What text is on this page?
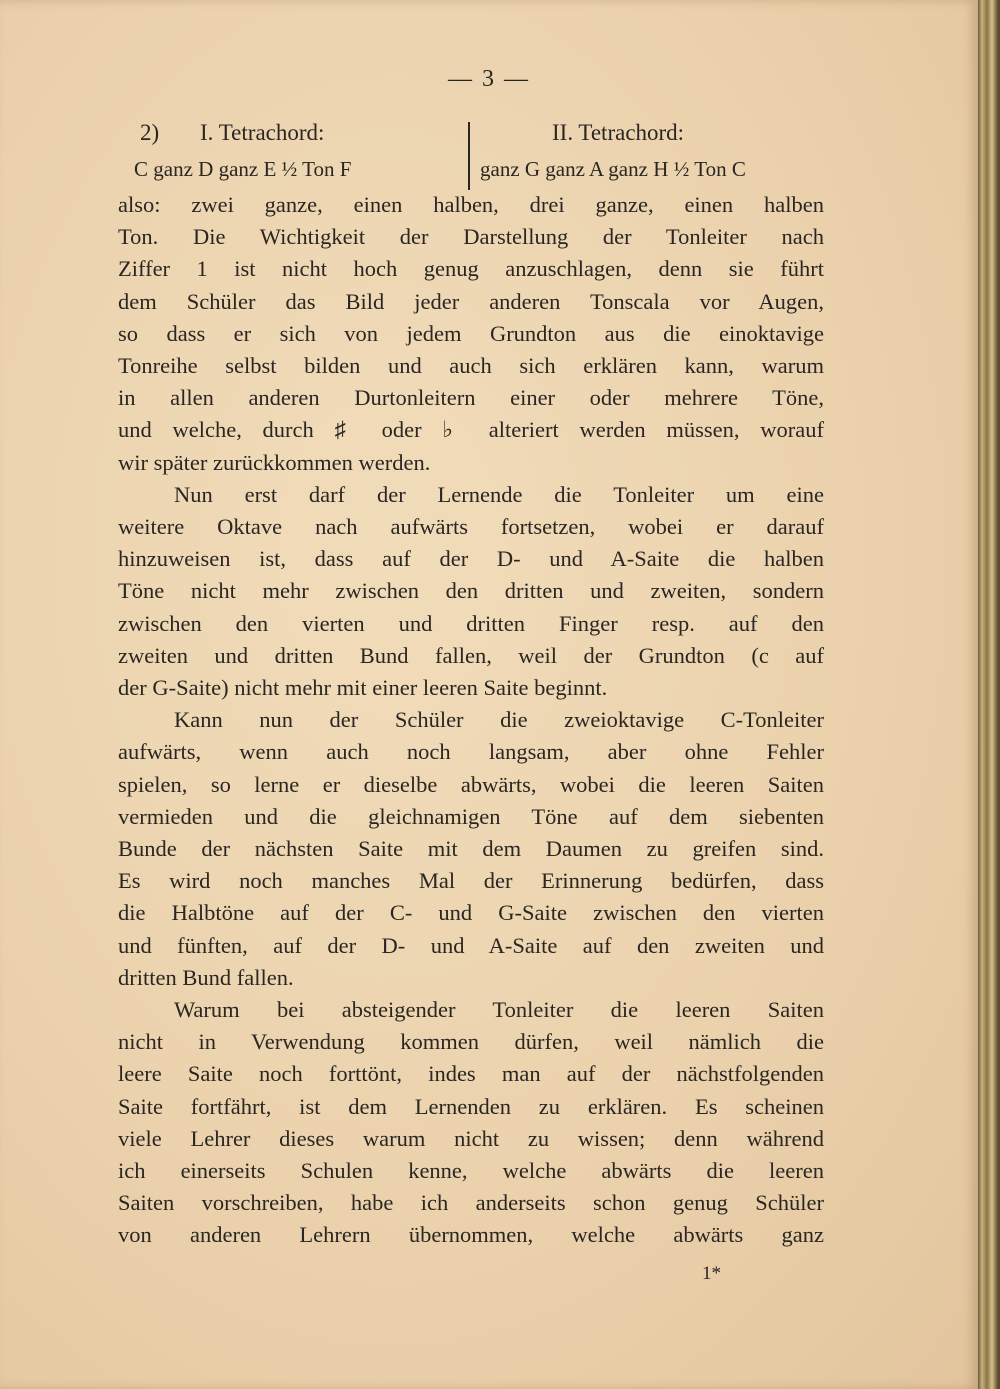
— 3 —
2) I. Tetrachord:	II. Tetrachord:
C ganz D ganz E ½ Ton F	ganz G ganz A ganz H ½ Ton C
also: zwei ganze, einen halben, drei ganze, einen halben
Ton. Die Wichtigkeit der Darstellung der Tonleiter nach
Ziffer 1 ist nicht hoch genug anzuschlagen, denn sie führt
dem Schüler das Bild jeder anderen Tonscala vor Augen,
so dass er sich von jedem Grundton aus die einoktavige
Tonreihe selbst bilden und auch sich erklären kann, warum
in allen anderen Durtonleitern einer oder mehrere Töne,
und welche, durch ♯ oder ♭ alteriert werden müssen, worauf
wir später zurückkommen werden.
Nun erst darf der Lernende die Tonleiter um eine
weitere Oktave nach aufwärts fortsetzen, wobei er darauf
hinzuweisen ist, dass auf der D- und A-Saite die halben
Töne nicht mehr zwischen den dritten und zweiten, sondern
zwischen den vierten und dritten Finger resp. auf den
zweiten und dritten Bund fallen, weil der Grundton (c auf
der G-Saite) nicht mehr mit einer leeren Saite beginnt.
Kann nun der Schüler die zweioktavige C-Tonleiter
aufwärts, wenn auch noch langsam, aber ohne Fehler
spielen, so lerne er dieselbe abwärts, wobei die leeren Saiten
vermieden und die gleichnamigen Töne auf dem siebenten
Bunde der nächsten Saite mit dem Daumen zu greifen sind.
Es wird noch manches Mal der Erinnerung bedürfen, dass
die Halbtöne auf der C- und G-Saite zwischen den vierten
und fünften, auf der D- und A-Saite auf den zweiten und
dritten Bund fallen.
Warum bei absteigender Tonleiter die leeren Saiten
nicht in Verwendung kommen dürfen, weil nämlich die
leere Saite noch forttönt, indes man auf der nächstfolgenden
Saite fortfährt, ist dem Lernenden zu erklären. Es scheinen
viele Lehrer dieses warum nicht zu wissen; denn während
ich einerseits Schulen kenne, welche abwärts die leeren
Saiten vorschreiben, habe ich anderseits schon genug Schüler
von anderen Lehrern übernommen, welche abwärts ganz
1*
